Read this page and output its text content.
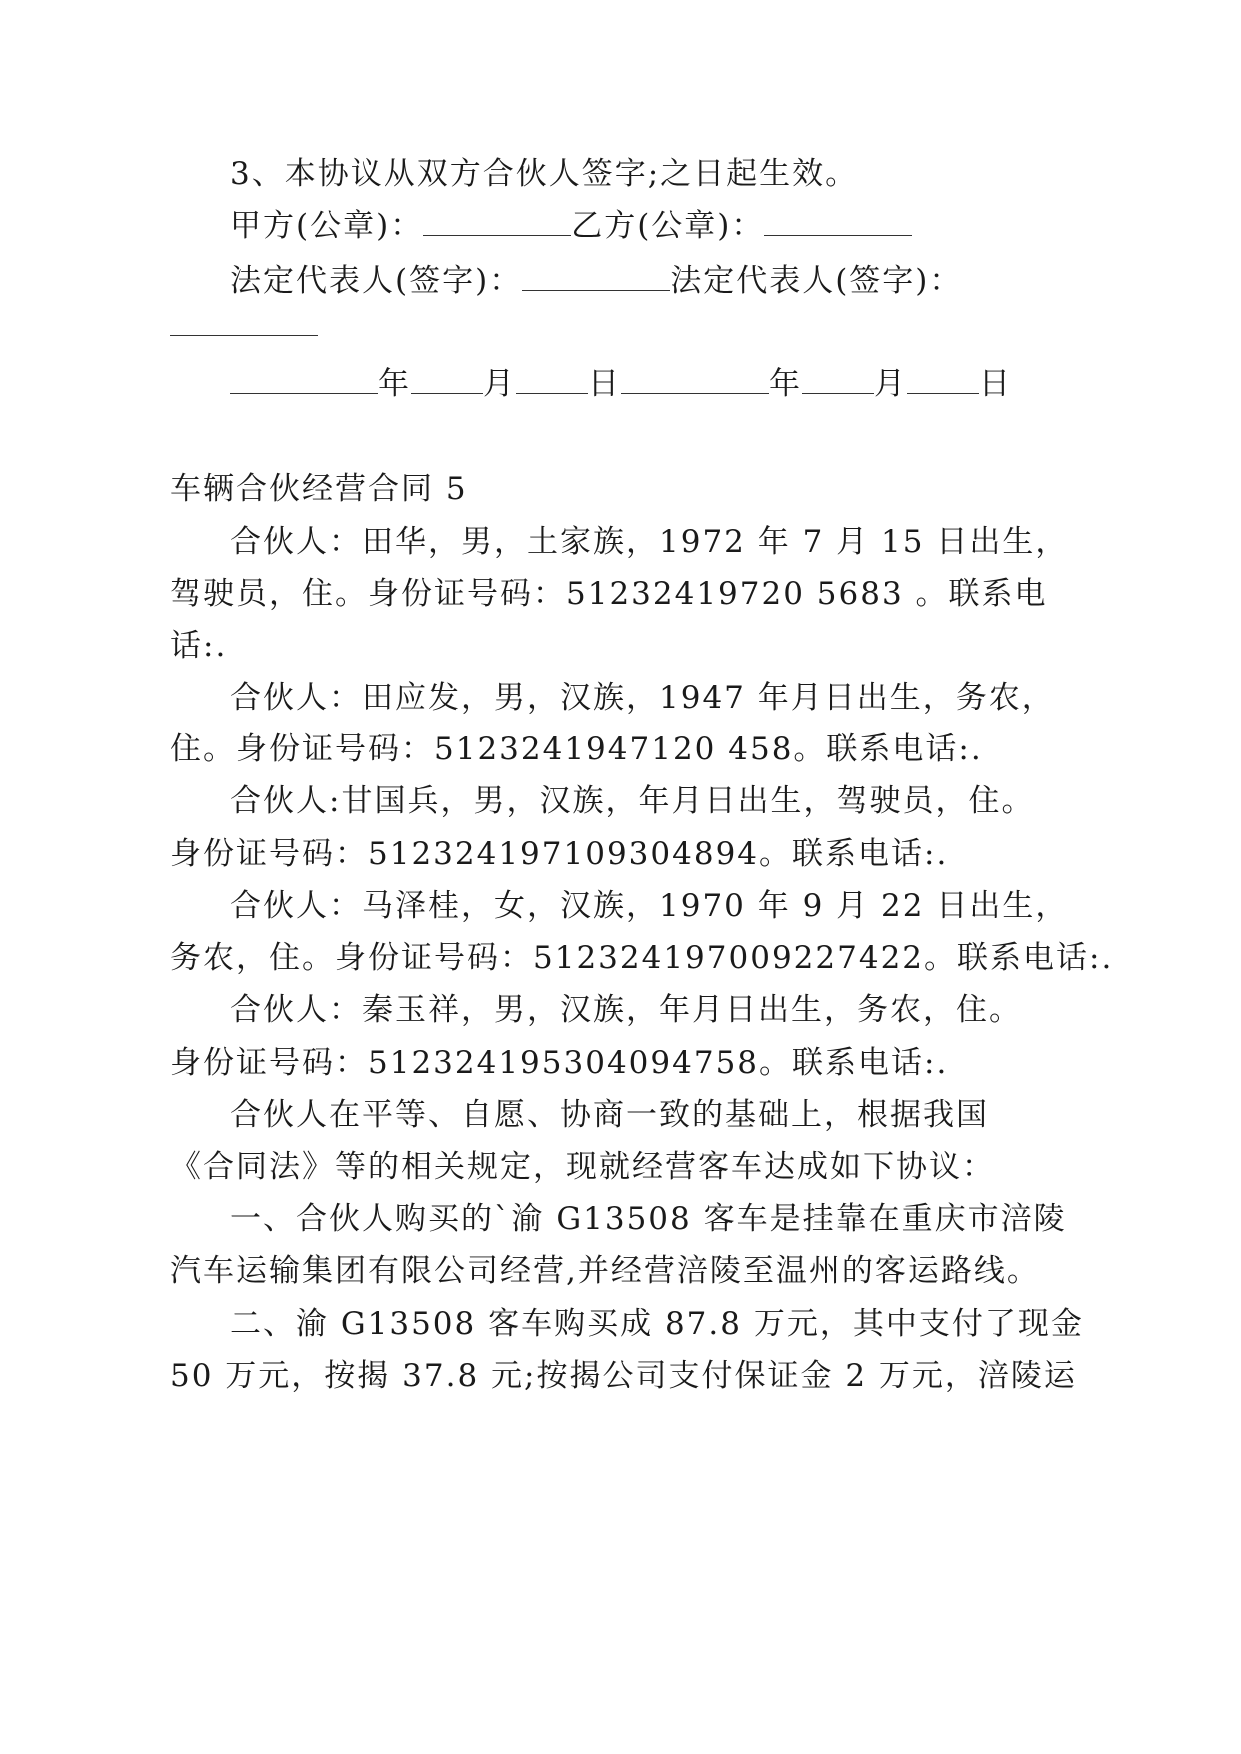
3、本协议从双方合伙人签字;之日起生效。
甲方(公章)：	乙方(公章)：
法定代表人(签字)：	法定代表人(签字)：
年 月 日	年 月 日
车辆合伙经营合同 5
合伙人：田华，男，土家族，1972 年 7 月 15 日出生，
驾驶员，住。身份证号码：51232419720 5683 。联系电
话:.
合伙人：田应发，男，汉族，1947 年月日出生，务农，
住。身份证号码：5123241947120 458。联系电话:.
合伙人:甘国兵，男，汉族，年月日出生，驾驶员，住。
身份证号码：512324197109304894。联系电话:.
合伙人：马泽桂，女，汉族，1970 年 9 月 22 日出生，
务农，住。身份证号码：512324197009227422。联系电话:.
合伙人：秦玉祥，男，汉族，年月日出生，务农，住。
身份证号码：512324195304094758。联系电话:.
合伙人在平等、自愿、协商一致的基础上，根据我国
《合同法》等的相关规定，现就经营客车达成如下协议：
一、合伙人购买的`渝 G13508 客车是挂靠在重庆市涪陵
汽车运输集团有限公司经营,并经营涪陵至温州的客运路线。
二、渝 G13508 客车购买成 87.8 万元，其中支付了现金
50 万元，按揭 37.8 元;按揭公司支付保证金 2 万元，涪陵运
